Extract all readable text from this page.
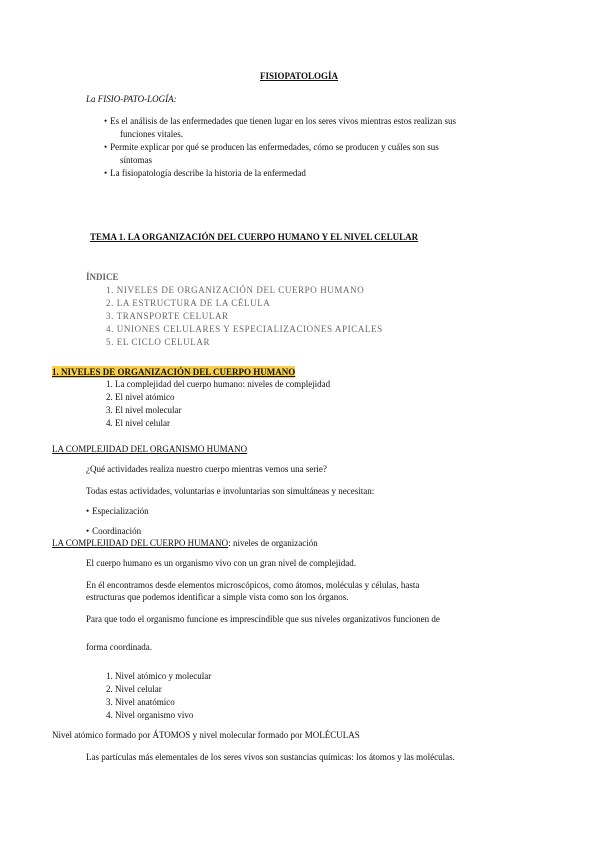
FISIOPATOLOGÍA
La FISIO-PATO-LOGÍA:
• Es el análisis de las enfermedades que tienen lugar en los seres vivos mientras estos realizan sus
funciones vitales.
• Permite explicar por qué se producen las enfermedades, cómo se producen y cuáles son sus
síntomas
• La fisiopatología describe la historia de la enfermedad
TEMA 1. LA ORGANIZACIÓN DEL CUERPO HUMANO Y EL NIVEL CELULAR
ÍNDICE
1. NIVELES DE ORGANIZACIÓN DEL CUERPO HUMANO
2. LA ESTRUCTURA DE LA CÉLULA
3. TRANSPORTE CELULAR
4. UNIONES CELULARES Y ESPECIALIZACIONES APICALES
5. EL CICLO CELULAR
1. NIVELES DE ORGANIZACIÓN DEL CUERPO HUMANO
1. La complejidad del cuerpo humano: niveles de complejidad
2. El nivel atómico
3. El nivel molecular
4. El nivel celular
LA COMPLEJIDAD DEL ORGANISMO HUMANO
¿Qué actividades realiza nuestro cuerpo mientras vemos una serie?
Todas estas actividades, voluntarias e involuntarias son simultáneas y necesitan:
• Especialización
• Coordinación
LA COMPLEJIDAD DEL CUERPO HUMANO: niveles de organización
El cuerpo humano es un organismo vivo con un gran nivel de complejidad.
En él encontramos desde elementos microscópicos, como átomos, moléculas y células, hasta
estructuras que podemos identificar a simple vista como son los órganos.
Para que todo el organismo funcione es imprescindible que sus niveles organizativos funcionen de
forma coordinada.
1. Nivel atómico y molecular
2. Nivel celular
3. Nivel anatómico
4. Nivel organismo vivo
Nivel atómico formado por ÁTOMOS y nivel molecular formado por MOLÉCULAS
Las partículas más elementales de los seres vivos son sustancias químicas: los átomos y las moléculas.
